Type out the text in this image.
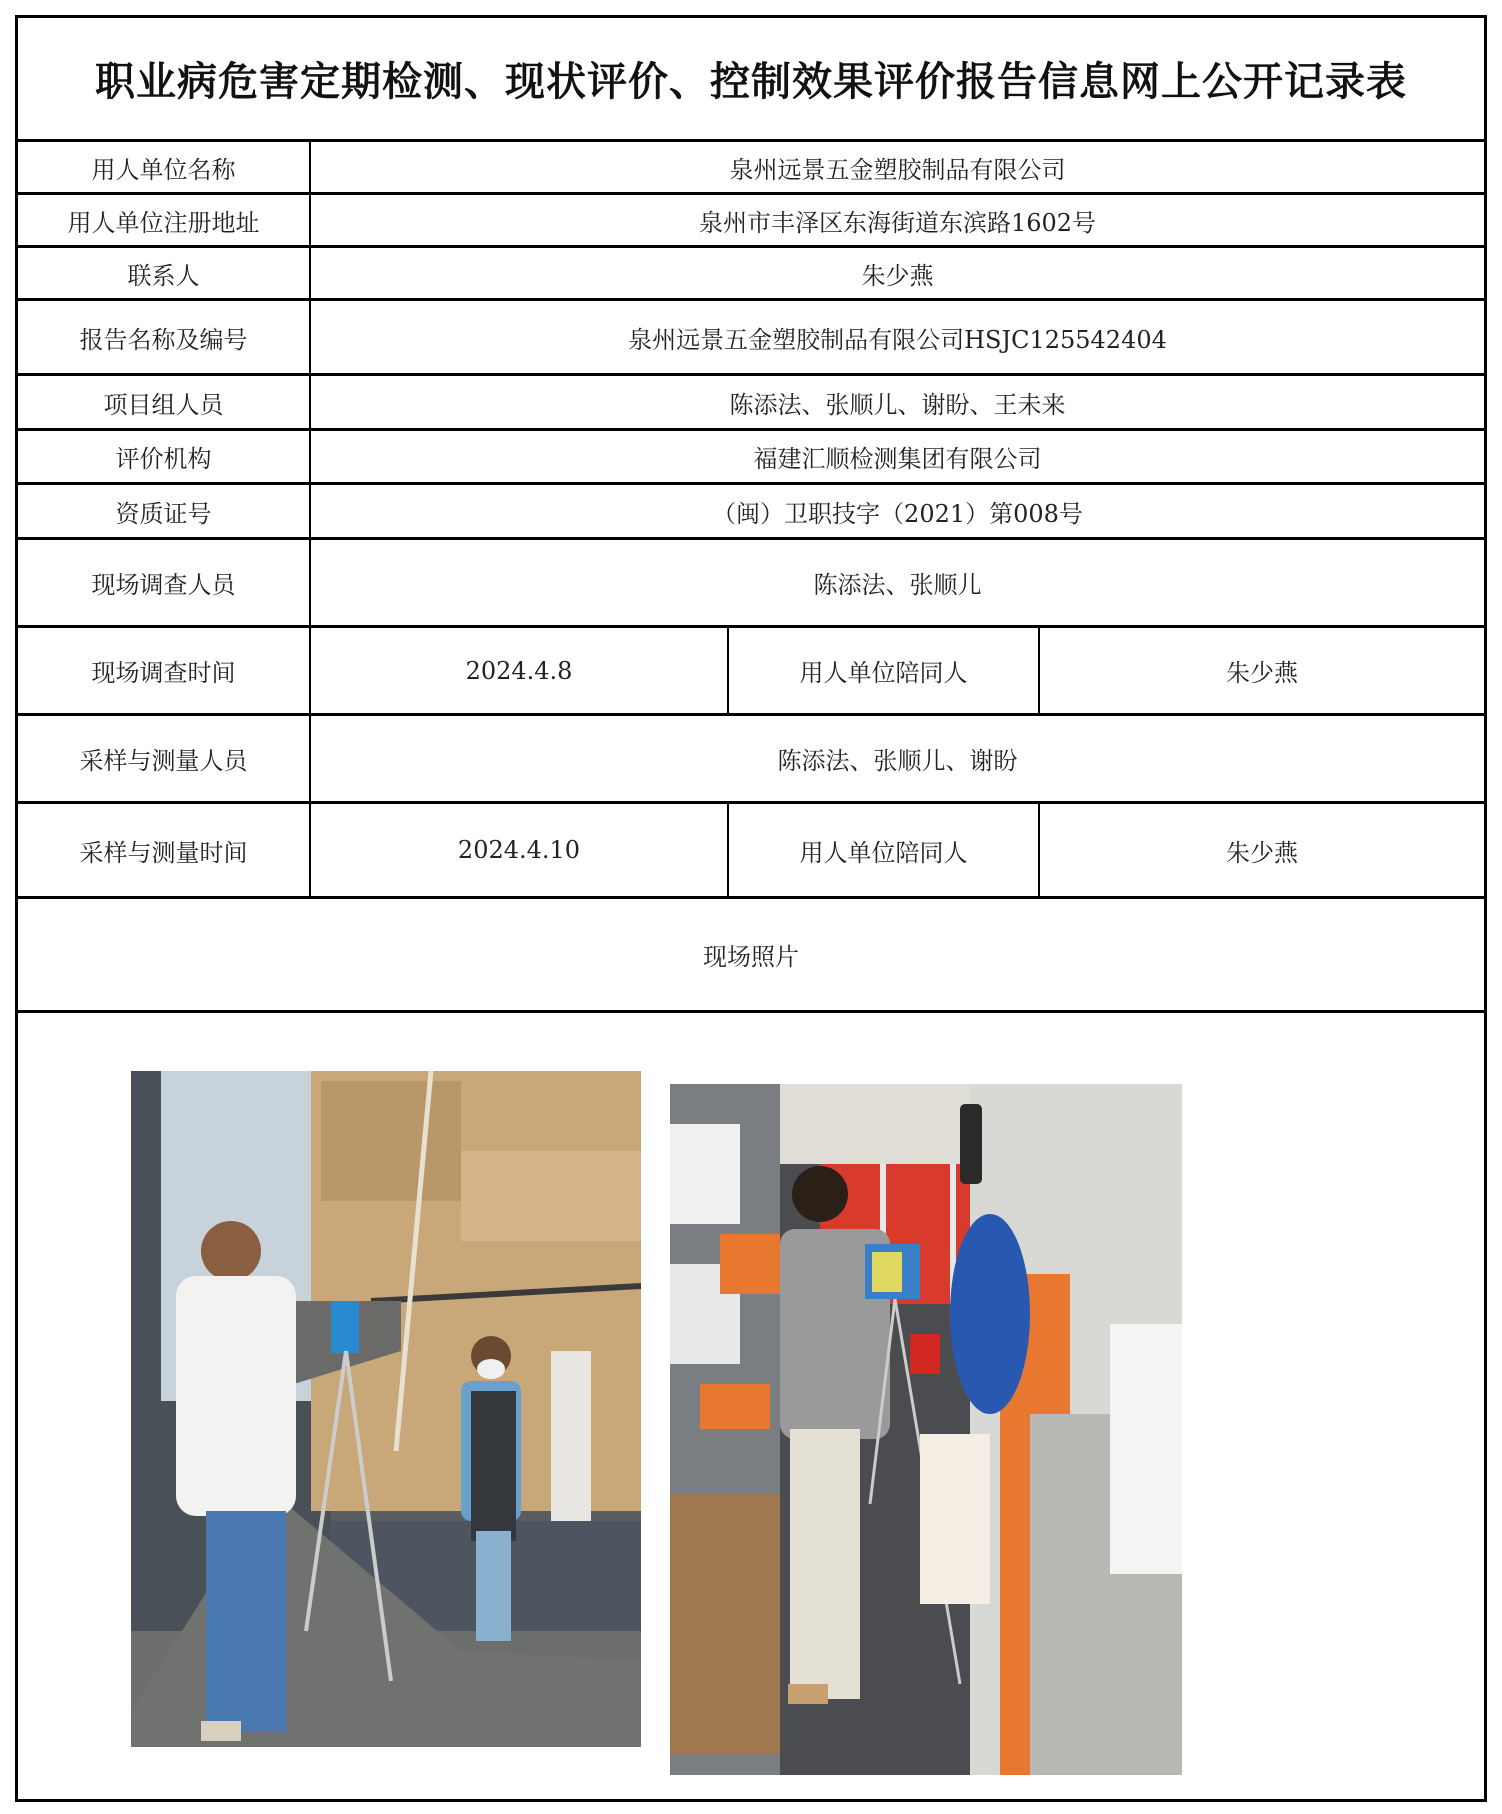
职业病危害定期检测、现状评价、控制效果评价报告信息网上公开记录表
用人单位名称	泉州远景五金塑胶制品有限公司
用人单位注册地址	泉州市丰泽区东海街道东滨路1602号
联系人	朱少燕
报告名称及编号	泉州远景五金塑胶制品有限公司HSJC125542404
项目组人员	陈添法、张顺儿、谢盼、王未来
评价机构	福建汇顺检测集团有限公司
资质证号	（闽）卫职技字（2021）第008号
现场调查人员	陈添法、张顺儿
现场调查时间	2024.4.8	用人单位陪同人	朱少燕
采样与测量人员	陈添法、张顺儿、谢盼
采样与测量时间	2024.4.10	用人单位陪同人	朱少燕
现场照片
